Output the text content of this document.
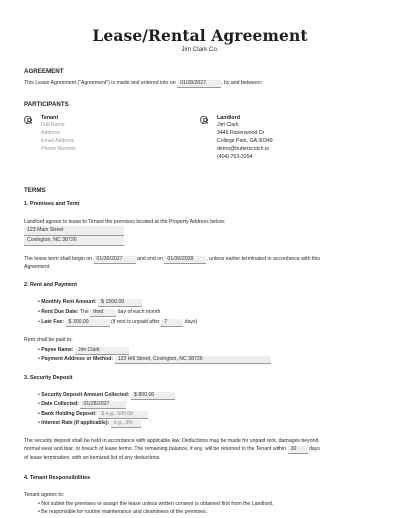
Lease/Rental Agreement
Jim Clark Co.
AGREEMENT
This Lease Agreement ("Agreement") is made and entered into on 01/28/2027	, by and between:
PARTICIPANTS
Tenant
Full Name
Address
Email Address
Phone Number
Landlord
Jim Clark
3445 Ravenwood Dr
College Park, GA 30349
demo@butterscotch.io
(404) 763-3294
TERMS
1. Premises and Term
Landlord agrees to lease to Tenant the premises located at the Property Address below:
123 Main Street
Covington, NC 38726
The lease term shall begin on 01/30/2027	and end on 01/30/2028	, unless earlier terminated in accordance with this
Agreement.
2. Rent and Payment
• Monthly Rent Amount: $ 1500.00
• Rent Due Date: The third	day of each month
• Late Fee: $ 300.00	(if rent is unpaid after 7	days)
Rent shall be paid to:
• Payee Name: Jim Clark
• Payment Address or Method: 123 Hill Street, Covington, NC 38726
3. Security Deposit
• Security Deposit Amount Collected: $ 800.00
• Date Collected: 01/28/2027
• Bank Holding Deposit: $ e.g., 500.00
• Interest Rate (if applicable): e.g., 3%
The security deposit shall be held in accordance with applicable law. Deductions may be made for unpaid rent, damages beyond
normal wear and tear, or breach of lease terms. The remaining balance, if any, will be returned to the Tenant within 30 days
of lease termination, with an itemized list of any deductions.
4. Tenant Responsibilities
Tenant agrees to:
• Not sublet the premises or assign the lease unless written consent is obtained first from the Landlord.
• Be responsible for routine maintenance and cleanliness of the premises.
